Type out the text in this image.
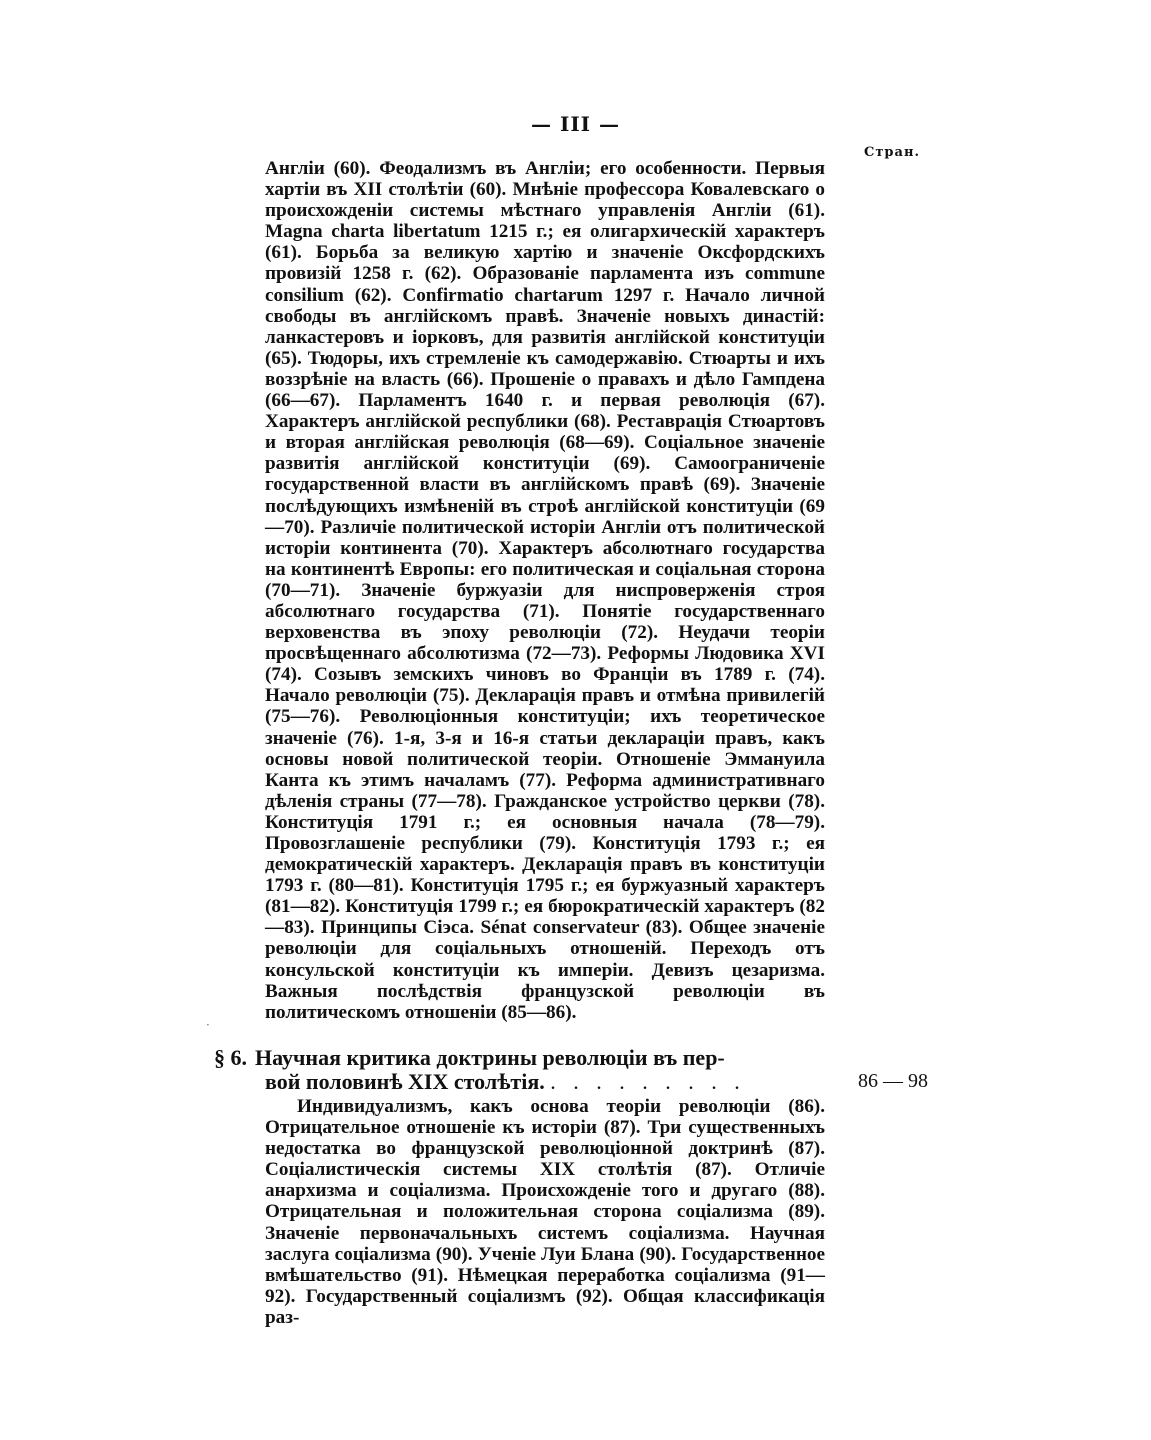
— III —
Стран.
Англіи (60). Феодализмъ въ Англіи; его особенности. Первыя хартіи въ XII столѣтіи (60). Мнѣніе профессора Ковалевскаго о происхожденіи системы мѣстнаго управленія Англіи (61). Magna charta libertatum 1215 г.; ея олигархическій характеръ (61). Борьба за великую хартію и значеніе Оксфордскихъ провизій 1258 г. (62). Образованіе парламента изъ commune consilium (62). Confirmatio chartarum 1297 г. Начало личной свободы въ англійскомъ правѣ. Значеніе новыхъ династій: ланкастеровъ и іорковъ, для развитія англійской конституціи (65). Тюдоры, ихъ стремленіе къ самодержавію. Стюарты и ихъ воззрѣніе на власть (66). Прошеніе о правахъ и дѣло Гампдена (66—67). Парламентъ 1640 г. и первая революція (67). Характеръ англійской республики (68). Реставрація Стюартовъ и вторая англійская революція (68—69). Соціальное значеніе развитія англійской конституціи (69). Самоограниченіе государственной власти въ англійскомъ правѣ (69). Значеніе послѣдующихъ измѣненій въ строѣ англійской конституціи (69—70). Различіе политической исторіи Англіи отъ политической исторіи континента (70). Характеръ абсолютнаго государства на континентѣ Европы: его политическая и соціальная сторона (70—71). Значеніе буржуазіи для ниспроверженія строя абсолютнаго государства (71). Понятіе государственнаго верховенства въ эпоху революціи (72). Неудачи теоріи просвѣщеннаго абсолютизма (72—73). Реформы Людовика XVI (74). Созывъ земскихъ чиновъ во Франціи въ 1789 г. (74). Начало революціи (75). Декларація правъ и отмѣна привилегій (75—76). Революціонныя конституціи; ихъ теоретическое значеніе (76). 1-я, 3-я и 16-я статьи декларацiи правъ, какъ основы новой политической теоріи. Отношеніе Эммануила Канта къ этимъ началамъ (77). Реформа административнаго дѣленія страны (77—78). Гражданское устройство церкви (78). Конституція 1791 г.; ея основныя начала (78—79). Провозглашеніе республики (79). Конституція 1793 г.; ея демократическій характеръ. Декларація правъ въ конституціи 1793 г. (80—81). Конституція 1795 г.; ея буржуазный характеръ (81—82). Конституція 1799 г.; ея бюрократическій характеръ (82—83). Принципы Сіэса. Sénat conservateur (83). Общее значеніе революціи для соціальныхъ отношеній. Переходъ отъ консульской конституціи къ имперіи. Девизъ цезаризма. Важныя послѣдствія французской революціи въ политическомъ отношеніи (85—86).
·
§ 6. Научная критика доктрины революціи въ пер-
вой половинѣ XIX столѣтія. . . . . . . . . .	86 — 98
Индивидуализмъ, какъ основа теоріи революціи (86). Отрицательное отношеніе къ исторіи (87). Три существенныхъ недостатка во французской революціонной доктринѣ (87). Соціалистическія системы XIX столѣтія (87). Отличіе анархизма и соціализма. Происхожденіе того и другаго (88). Отрицательная и положительная сторона соціализма (89). Значеніе первоначальныхъ системъ соціализма. Научная заслуга соціализма (90). Ученіе Луи Блана (90). Государственное вмѣшательство (91). Нѣмецкая переработка соціализма (91—92). Государственный соціализмъ (92). Общая классификація раз-
